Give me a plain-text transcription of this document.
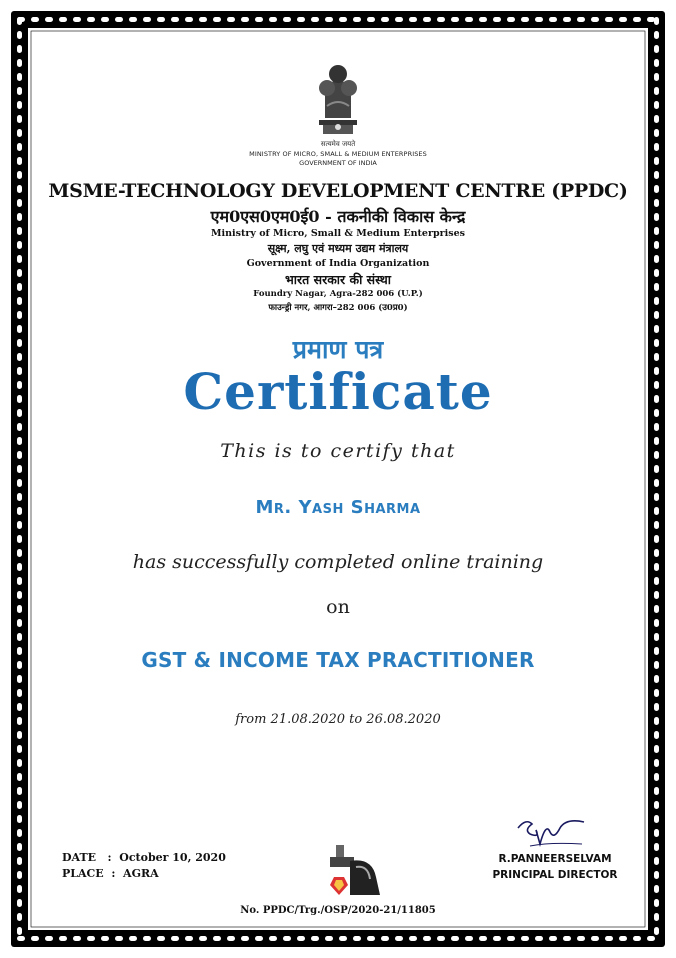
सत्यमेव जयते
MINISTRY OF MICRO, SMALL & MEDIUM ENTERPRISES
GOVERNMENT OF INDIA
MSME-TECHNOLOGY DEVELOPMENT CENTRE (PPDC)
एम0एस0एम0ई0 - तकनीकी विकास केन्द्र
Ministry of Micro, Small & Medium Enterprises
सूक्ष्म, लघु एवं मध्यम उद्यम मंत्रालय
Government of India Organization
भारत सरकार की संस्था
Foundry Nagar, Agra-282 006 (U.P.)
फाउन्ड्री नगर, आगरा–282 006 (उ0प्र0)
प्रमाण पत्र
Certificate
This is to certify that
Mr. Yash Sharma
has successfully completed online training
on
GST & INCOME TAX PRACTITIONER
from 21.08.2020 to 26.08.2020
DATE   :  October 10, 2020
PLACE  :  AGRA
R.PANNEERSELVAM
PRINCIPAL DIRECTOR
No. PPDC/Trg./OSP/2020-21/11805
